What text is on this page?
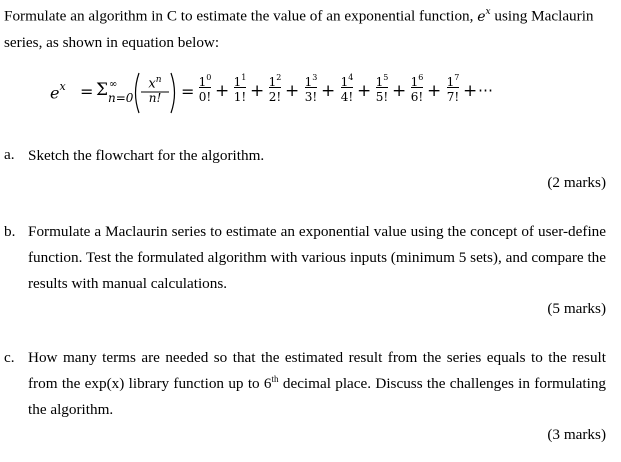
Formulate an algorithm in C to estimate the value of an exponential function, $e^x$ using Maclaurin series, as shown in equation below:
$e^x = \Sigma$ ∞
n=0
$x^n$
n!	= $1^0$
0! + $1^1$
1! + $1^2$
2! + $1^3$
3! + $1^4$
4! + $1^5$
5! + $1^6$
6! + $1^7$
7! + ⋯
a. Sketch the flowchart for the algorithm.
(2 marks)
b. Formulate a Maclaurin series to estimate an exponential value using the concept of user-define function. Test the formulated algorithm with various inputs (minimum 5 sets), and compare the results with manual calculations.
(5 marks)
c. How many terms are needed so that the estimated result from the series equals to the result from the exp(x) library function up to 6th decimal place. Discuss the challenges in formulating the algorithm.
(3 marks)
